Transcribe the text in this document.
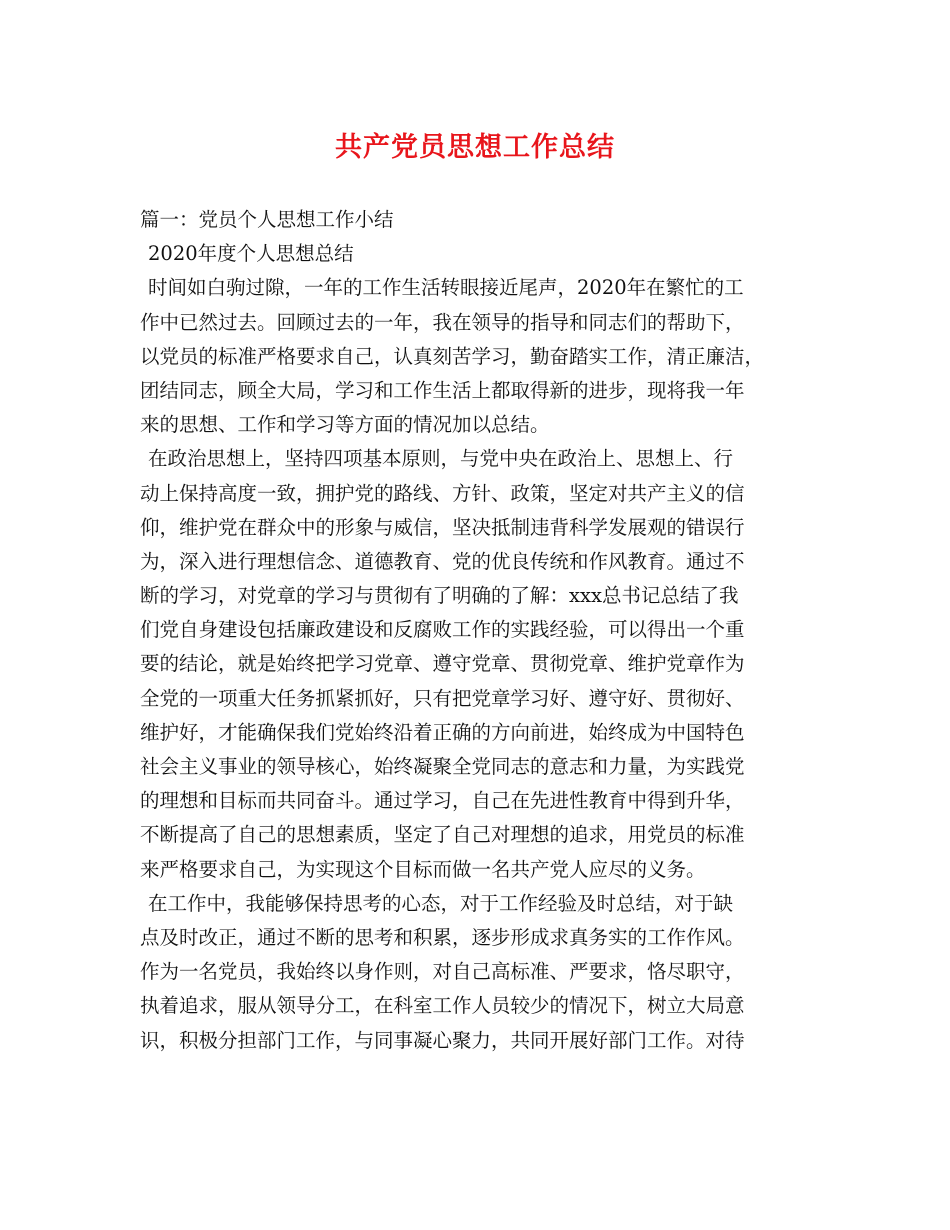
共产党员思想工作总结
篇一：党员个人思想工作小结
2020年度个人思想总结
时间如白驹过隙，一年的工作生活转眼接近尾声，2020年在繁忙的工
作中已然过去。回顾过去的一年，我在领导的指导和同志们的帮助下，
以党员的标准严格要求自己，认真刻苦学习，勤奋踏实工作，清正廉洁，
团结同志，顾全大局，学习和工作生活上都取得新的进步，现将我一年
来的思想、工作和学习等方面的情况加以总结。
在政治思想上，坚持四项基本原则，与党中央在政治上、思想上、行
动上保持高度一致，拥护党的路线、方针、政策，坚定对共产主义的信
仰，维护党在群众中的形象与威信，坚决抵制违背科学发展观的错误行
为，深入进行理想信念、道德教育、党的优良传统和作风教育。通过不
断的学习，对党章的学习与贯彻有了明确的了解：xxx总书记总结了我
们党自身建设包括廉政建设和反腐败工作的实践经验，可以得出一个重
要的结论，就是始终把学习党章、遵守党章、贯彻党章、维护党章作为
全党的一项重大任务抓紧抓好，只有把党章学习好、遵守好、贯彻好、
维护好，才能确保我们党始终沿着正确的方向前进，始终成为中国特色
社会主义事业的领导核心，始终凝聚全党同志的意志和力量，为实践党
的理想和目标而共同奋斗。通过学习，自己在先进性教育中得到升华，
不断提高了自己的思想素质，坚定了自己对理想的追求，用党员的标准
来严格要求自己，为实现这个目标而做一名共产党人应尽的义务。
在工作中，我能够保持思考的心态，对于工作经验及时总结，对于缺
点及时改正，通过不断的思考和积累，逐步形成求真务实的工作作风。
作为一名党员，我始终以身作则，对自己高标准、严要求，恪尽职守，
执着追求，服从领导分工，在科室工作人员较少的情况下，树立大局意
识，积极分担部门工作，与同事凝心聚力，共同开展好部门工作。对待
